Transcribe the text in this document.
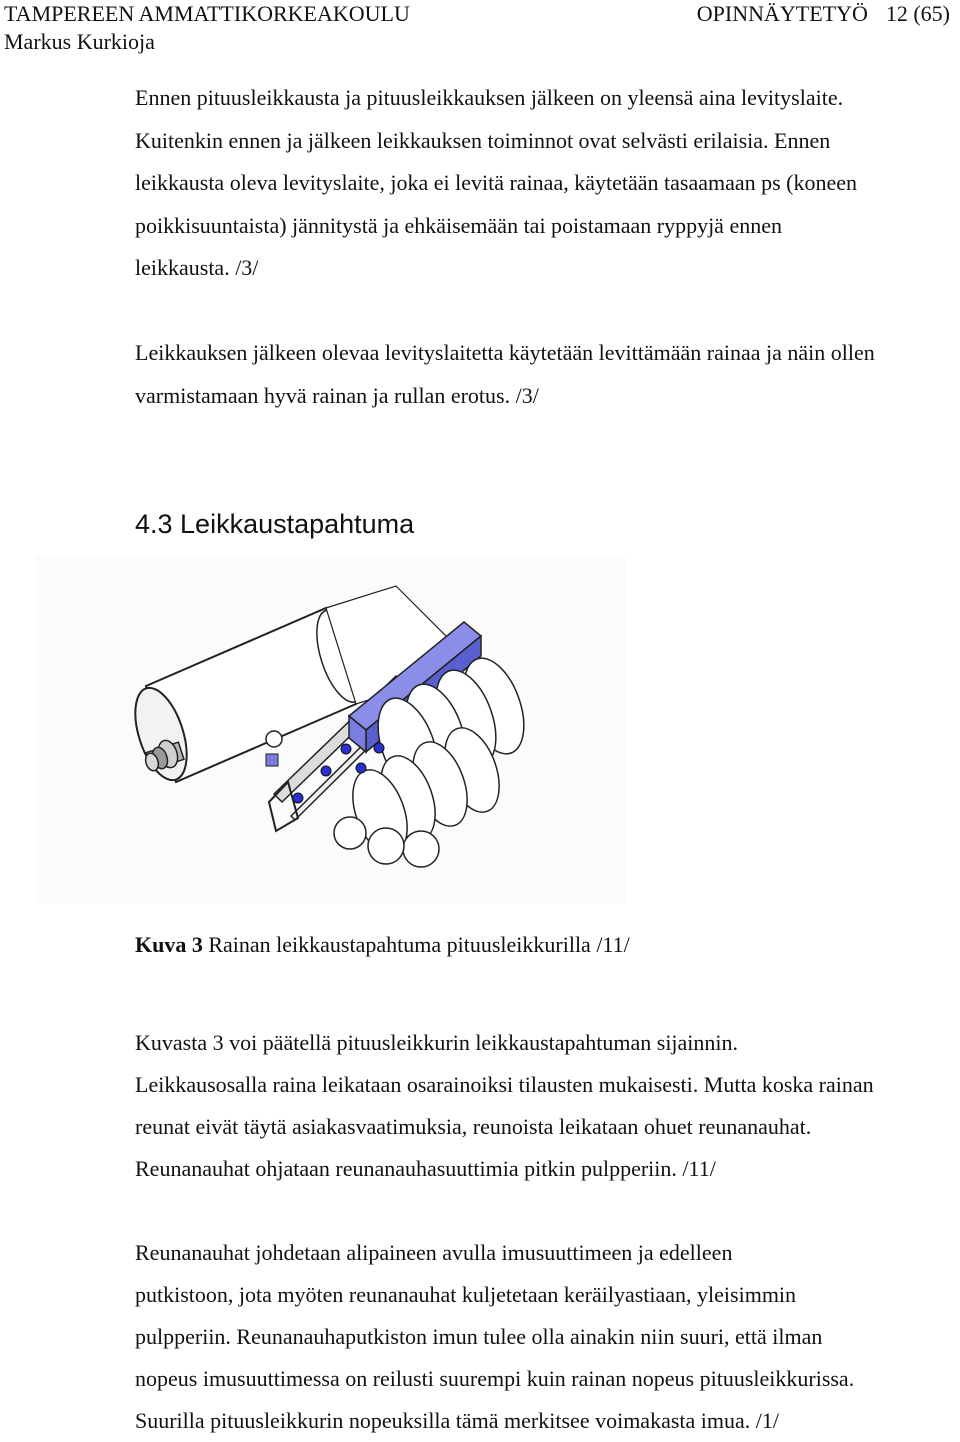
TAMPEREEN AMMATTIKORKEAKOULU	OPINNÄYTETYÖ 12 (65)
Markus Kurkioja
Ennen pituusleikkausta ja pituusleikkauksen jälkeen on yleensä aina levityslaite.
Kuitenkin ennen ja jälkeen leikkauksen toiminnot ovat selvästi erilaisia. Ennen
leikkausta oleva levityslaite, joka ei levitä rainaa, käytetään tasaamaan ps (koneen
poikkisuuntaista) jännitystä ja ehkäisemään tai poistamaan ryppyjä ennen
leikkausta. /3/
Leikkauksen jälkeen olevaa levityslaitetta käytetään levittämään rainaa ja näin ollen
varmistamaan hyvä rainan ja rullan erotus. /3/
4.3 Leikkaustapahtuma
Kuva 3 Rainan leikkaustapahtuma pituusleikkurilla /11/
Kuvasta 3 voi päätellä pituusleikkurin leikkaustapahtuman sijainnin.
Leikkausosalla raina leikataan osarainoiksi tilausten mukaisesti. Mutta koska rainan
reunat eivät täytä asiakasvaatimuksia, reunoista leikataan ohuet reunanauhat.
Reunanauhat ohjataan reunanauhasuuttimia pitkin pulpperiin. /11/
Reunanauhat johdetaan alipaineen avulla imusuuttimeen ja edelleen
putkistoon, jota myöten reunanauhat kuljetetaan keräilyastiaan, yleisimmin
pulpperiin. Reunanauhaputkiston imun tulee olla ainakin niin suuri, että ilman
nopeus imusuuttimessa on reilusti suurempi kuin rainan nopeus pituusleikkurissa.
Suurilla pituusleikkurin nopeuksilla tämä merkitsee voimakasta imua. /1/
